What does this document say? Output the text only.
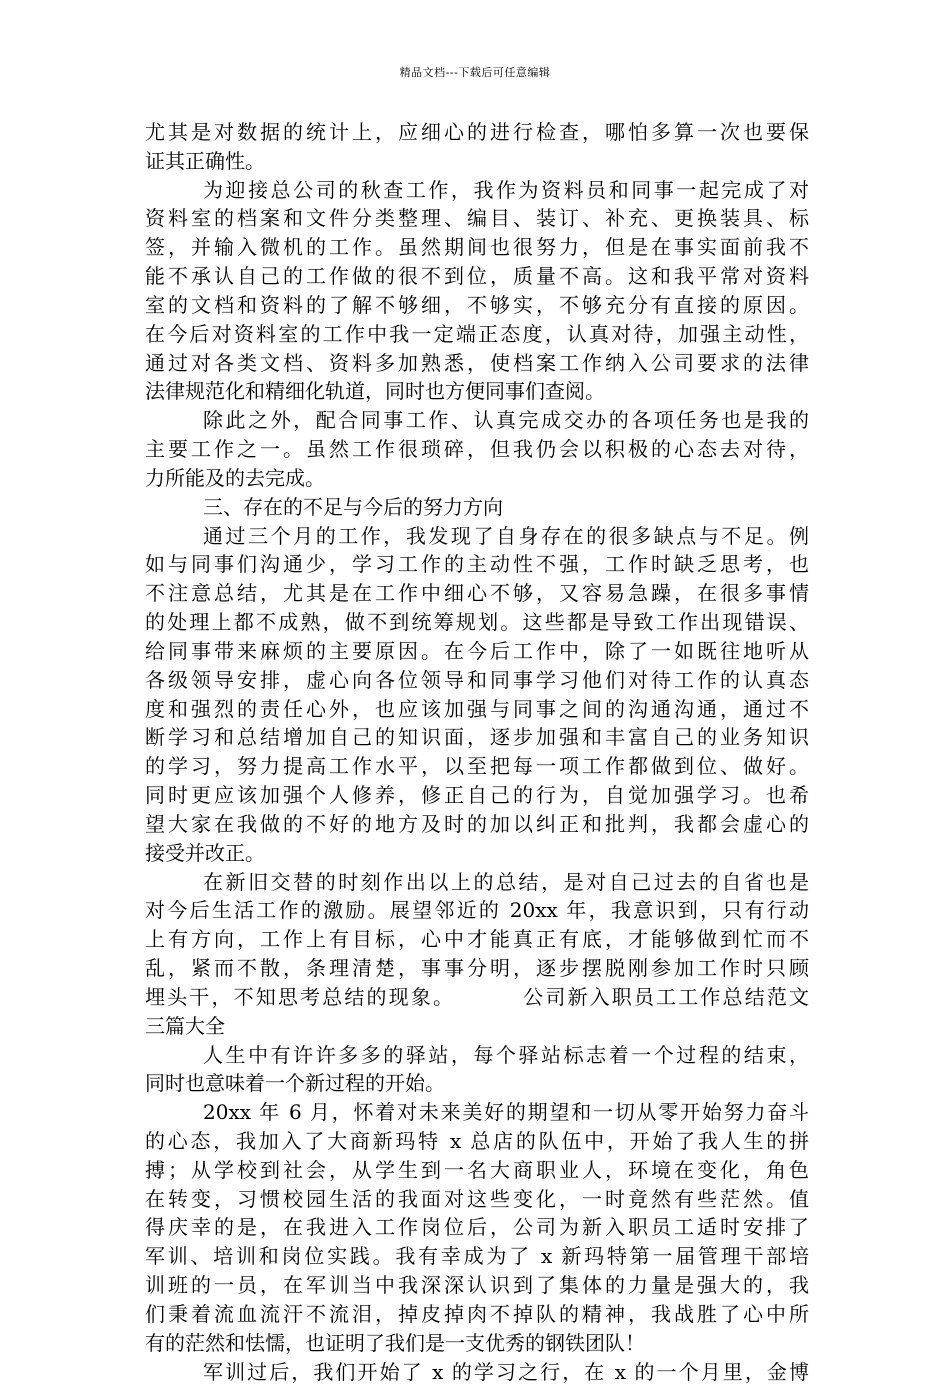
精品文档---下载后可任意编辑
尤其是对数据的统计上，应细心的进行检查，哪怕多算一次也要保
证其正确性。
为迎接总公司的秋查工作，我作为资料员和同事一起完成了对
资料室的档案和文件分类整理、编目、装订、补充、更换装具、标
签，并输入微机的工作。虽然期间也很努力，但是在事实面前我不
能不承认自己的工作做的很不到位，质量不高。这和我平常对资料
室的文档和资料的了解不够细，不够实，不够充分有直接的原因。
在今后对资料室的工作中我一定端正态度，认真对待，加强主动性，
通过对各类文档、资料多加熟悉，使档案工作纳入公司要求的法律
法律规范化和精细化轨道，同时也方便同事们查阅。
除此之外，配合同事工作、认真完成交办的各项任务也是我的
主要工作之一。虽然工作很琐碎，但我仍会以积极的心态去对待，
力所能及的去完成。
三、存在的不足与今后的努力方向
通过三个月的工作，我发现了自身存在的很多缺点与不足。例
如与同事们沟通少，学习工作的主动性不强，工作时缺乏思考，也
不注意总结，尤其是在工作中细心不够，又容易急躁，在很多事情
的处理上都不成熟，做不到统筹规划。这些都是导致工作出现错误、
给同事带来麻烦的主要原因。在今后工作中，除了一如既往地听从
各级领导安排，虚心向各位领导和同事学习他们对待工作的认真态
度和强烈的责任心外，也应该加强与同事之间的沟通沟通，通过不
断学习和总结增加自己的知识面，逐步加强和丰富自己的业务知识
的学习，努力提高工作水平，以至把每一项工作都做到位、做好。
同时更应该加强个人修养，修正自己的行为，自觉加强学习。也希
望大家在我做的不好的地方及时的加以纠正和批判，我都会虚心的
接受并改正。
在新旧交替的时刻作出以上的总结，是对自己过去的自省也是
对今后生活工作的激励。展望邻近的 20xx 年，我意识到，只有行动
上有方向，工作上有目标，心中才能真正有底，才能够做到忙而不
乱，紧而不散，条理清楚，事事分明，逐步摆脱刚参加工作时只顾
埋头干，不知思考总结的现象。        公司新入职员工工作总结范文
三篇大全
人生中有许许多多的驿站，每个驿站标志着一个过程的结束，
同时也意味着一个新过程的开始。
20xx 年 6 月，怀着对未来美好的期望和一切从零开始努力奋斗
的心态，我加入了大商新玛特 x 总店的队伍中，开始了我人生的拼
搏；从学校到社会，从学生到一名大商职业人，环境在变化，角色
在转变，习惯校园生活的我面对这些变化，一时竟然有些茫然。值
得庆幸的是，在我进入工作岗位后，公司为新入职员工适时安排了
军训、培训和岗位实践。我有幸成为了 x 新玛特第一届管理干部培
训班的一员，在军训当中我深深认识到了集体的力量是强大的，我
们秉着流血流汗不流泪，掉皮掉肉不掉队的精神，我战胜了心中所
有的茫然和怯懦，也证明了我们是一支优秀的钢铁团队！
军训过后，我们开始了 x 的学习之行，在 x 的一个月里，金博
